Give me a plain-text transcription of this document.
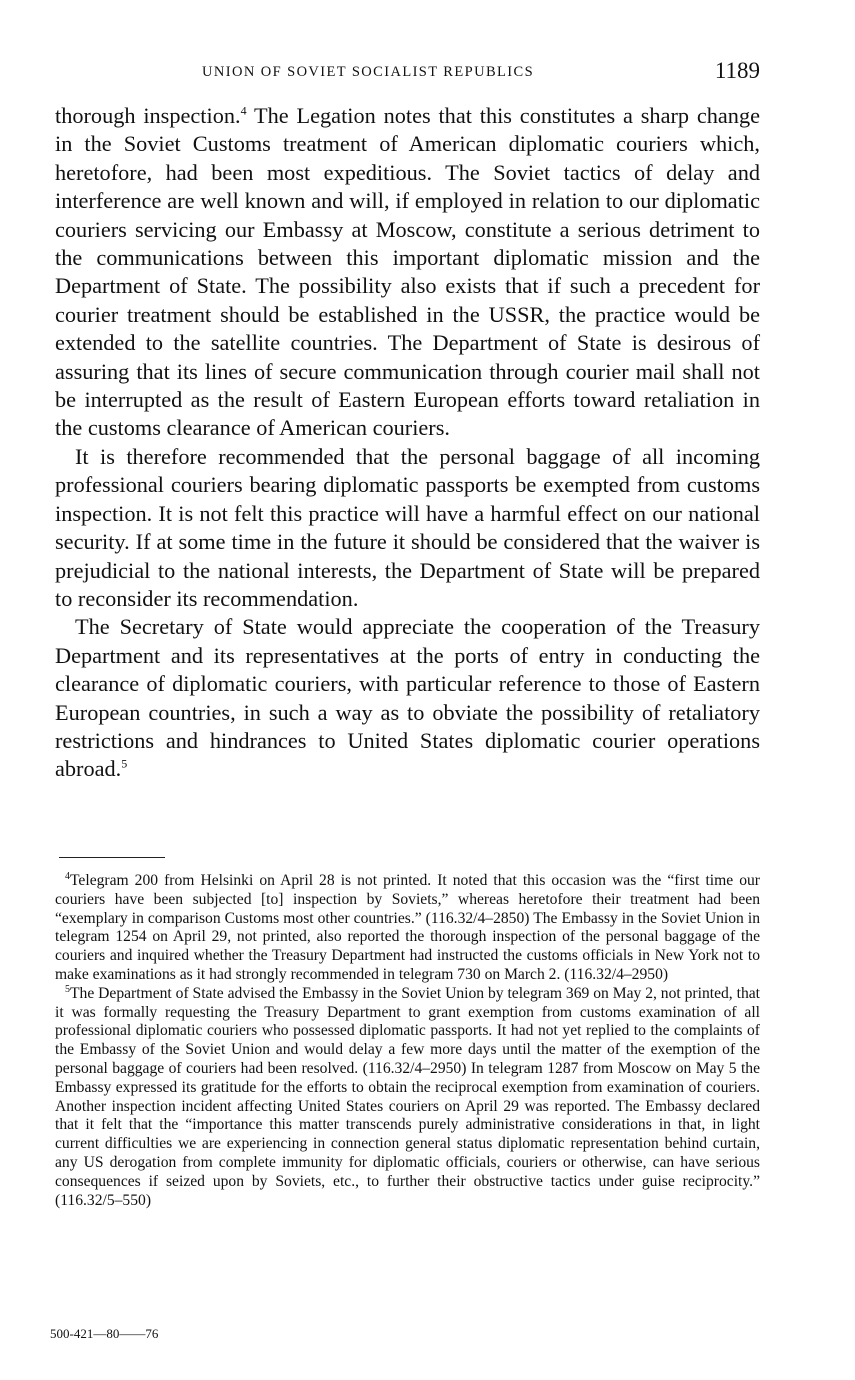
UNION OF SOVIET SOCIALIST REPUBLICS	1189

thorough inspection.$^4$ The Legation notes that this constitutes a sharp change in the Soviet Customs treatment of American diplomatic couriers which, heretofore, had been most expeditious. The Soviet tactics of delay and interference are well known and will, if employed in relation to our diplomatic couriers servicing our Embassy at Moscow, constitute a serious detriment to the communications between this important diplomatic mission and the Department of State. The possibility also exists that if such a precedent for courier treatment should be established in the USSR, the practice would be extended to the satellite countries. The Department of State is desirous of assuring that its lines of secure communication through courier mail shall not be interrupted as the result of Eastern European efforts toward retaliation in the customs clearance of American couriers.

It is therefore recommended that the personal baggage of all incoming professional couriers bearing diplomatic passports be exempted from customs inspection. It is not felt this practice will have a harmful effect on our national security. If at some time in the future it should be considered that the waiver is prejudicial to the national interests, the Department of State will be prepared to reconsider its recommendation.

The Secretary of State would appreciate the cooperation of the Treasury Department and its representatives at the ports of entry in conducting the clearance of diplomatic couriers, with particular reference to those of Eastern European countries, in such a way as to obviate the possibility of retaliatory restrictions and hindrances to United States diplomatic courier operations abroad.$^5$

$^4$Telegram 200 from Helsinki on April 28 is not printed. It noted that this occasion was the “first time our couriers have been subjected [to] inspection by Soviets,” whereas heretofore their treatment had been “exemplary in comparison Customs most other countries.” (116.32/4–2850) The Embassy in the Soviet Union in telegram 1254 on April 29, not printed, also reported the thorough inspection of the personal baggage of the couriers and inquired whether the Treasury Department had instructed the customs officials in New York not to make examinations as it had strongly recommended in telegram 730 on March 2. (116.32/4–2950)

$^5$The Department of State advised the Embassy in the Soviet Union by telegram 369 on May 2, not printed, that it was formally requesting the Treasury Department to grant exemption from customs examination of all professional diplomatic couriers who possessed diplomatic passports. It had not yet replied to the complaints of the Embassy of the Soviet Union and would delay a few more days until the matter of the exemption of the personal baggage of couriers had been resolved. (116.32/4–2950) In telegram 1287 from Moscow on May 5 the Embassy expressed its gratitude for the efforts to obtain the reciprocal exemption from examination of couriers. Another inspection incident affecting United States couriers on April 29 was reported. The Embassy declared that it felt that the “importance this matter transcends purely administrative considerations in that, in light current difficulties we are experiencing in connection general status diplomatic representation behind curtain, any US derogation from complete immunity for diplomatic officials, couriers or otherwise, can have serious consequences if seized upon by Soviets, etc., to further their obstructive tactics under guise reciprocity.” (116.32/5–550)

500-421—80——76
